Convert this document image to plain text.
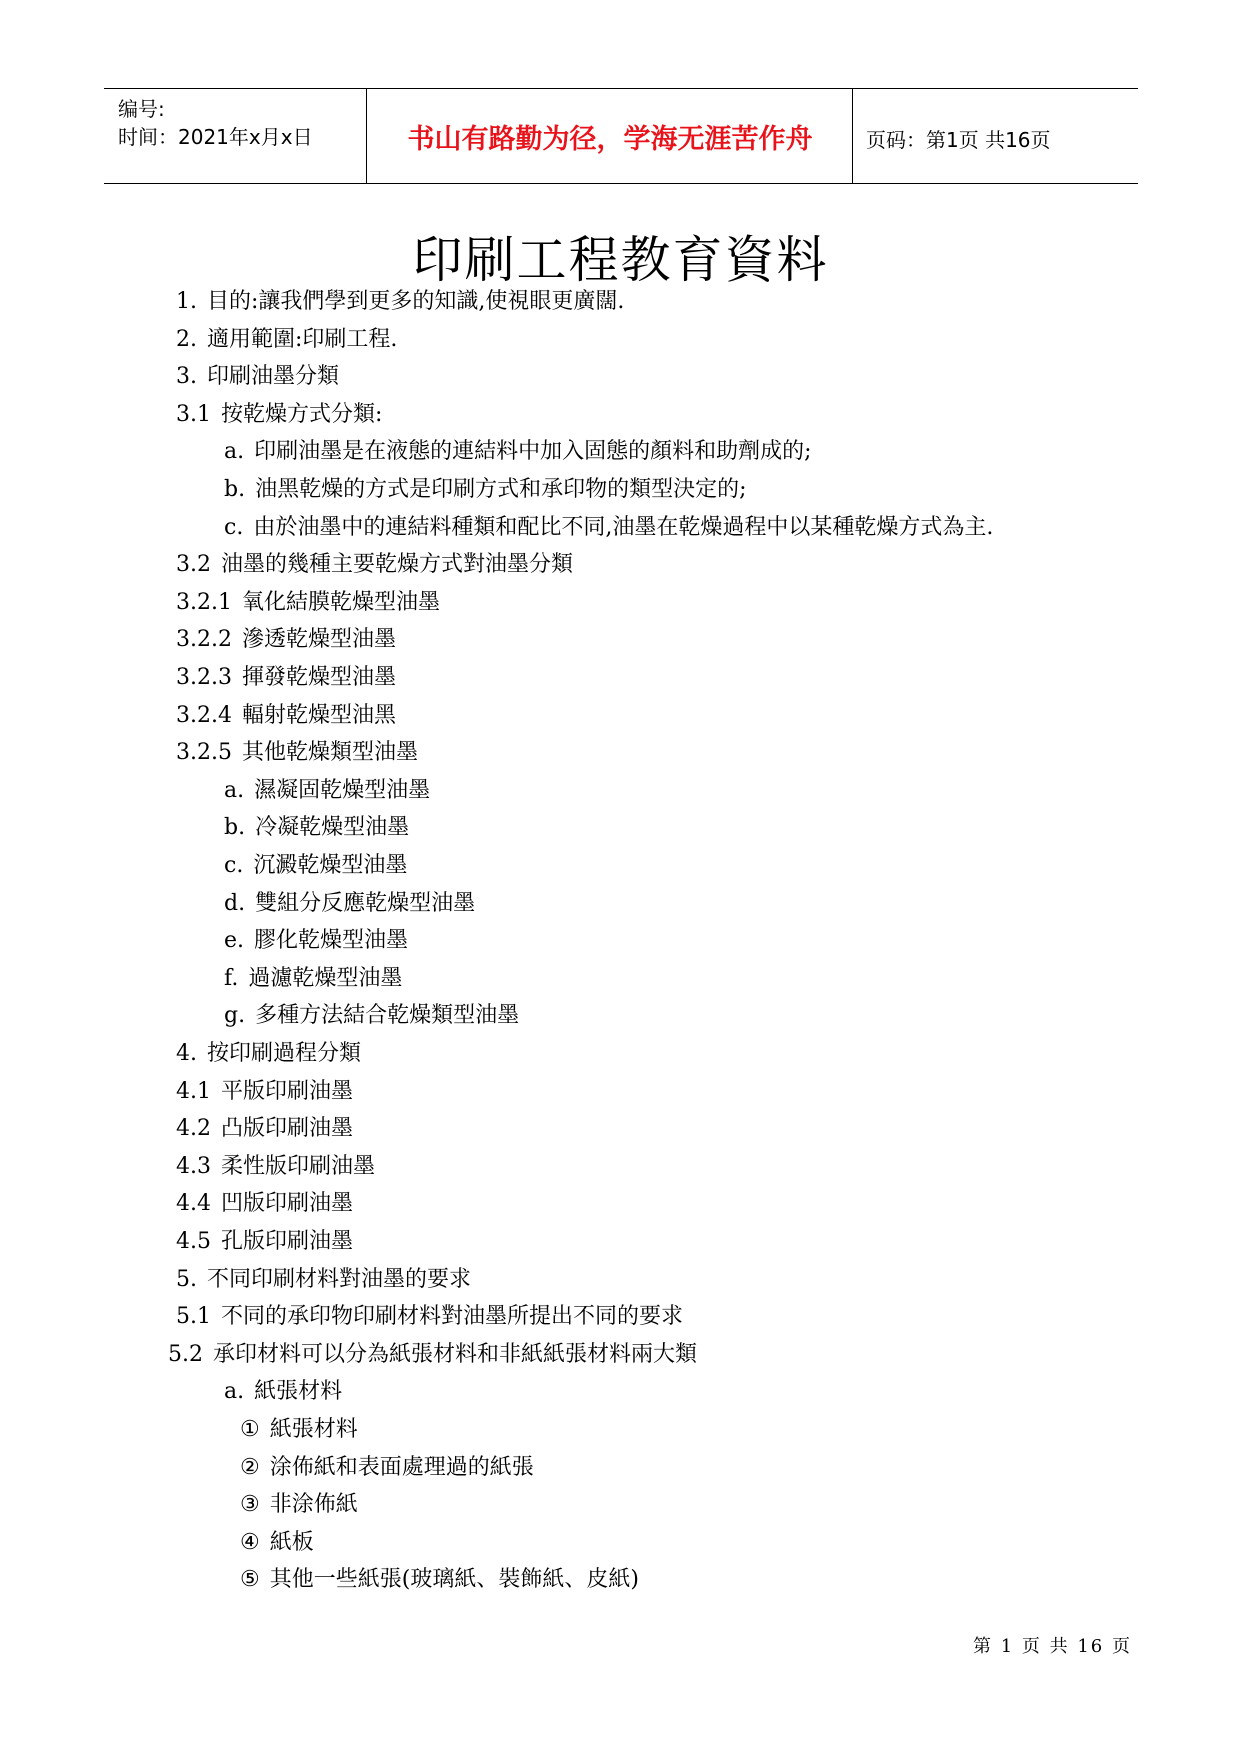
编号:
时间：2021年x月x日	书山有路勤为径，学海无涯苦作舟	页码：第1页 共16页
印刷工程教育資料
1. 目的:讓我們學到更多的知識,使視眼更廣闊.
2. 適用範圍:印刷工程.
3. 印刷油墨分類
3.1 按乾燥方式分類:
a. 印刷油墨是在液態的連結料中加入固態的顏料和助劑成的;
b. 油黑乾燥的方式是印刷方式和承印物的類型決定的;
c. 由於油墨中的連結料種類和配比不同,油墨在乾燥過程中以某種乾燥方式為主.
3.2 油墨的幾種主要乾燥方式對油墨分類
3.2.1 氧化結膜乾燥型油墨
3.2.2 滲透乾燥型油墨
3.2.3 揮發乾燥型油墨
3.2.4 輻射乾燥型油黑
3.2.5 其他乾燥類型油墨
a. 濕凝固乾燥型油墨
b. 冷凝乾燥型油墨
c. 沉澱乾燥型油墨
d. 雙組分反應乾燥型油墨
e. 膠化乾燥型油墨
f. 過濾乾燥型油墨
g. 多種方法結合乾燥類型油墨
4. 按印刷過程分類
4.1 平版印刷油墨
4.2 凸版印刷油墨
4.3 柔性版印刷油墨
4.4 凹版印刷油墨
4.5 孔版印刷油墨
5. 不同印刷材料對油墨的要求
5.1 不同的承印物印刷材料對油墨所提出不同的要求
5.2 承印材料可以分為紙張材料和非紙紙張材料兩大類
a. 紙張材料
① 紙張材料
② 涂佈紙和表面處理過的紙張
③ 非涂佈紙
④ 紙板
⑤ 其他一些紙張(玻璃紙、裝飾紙、皮紙)
第 1 页 共 16 页
